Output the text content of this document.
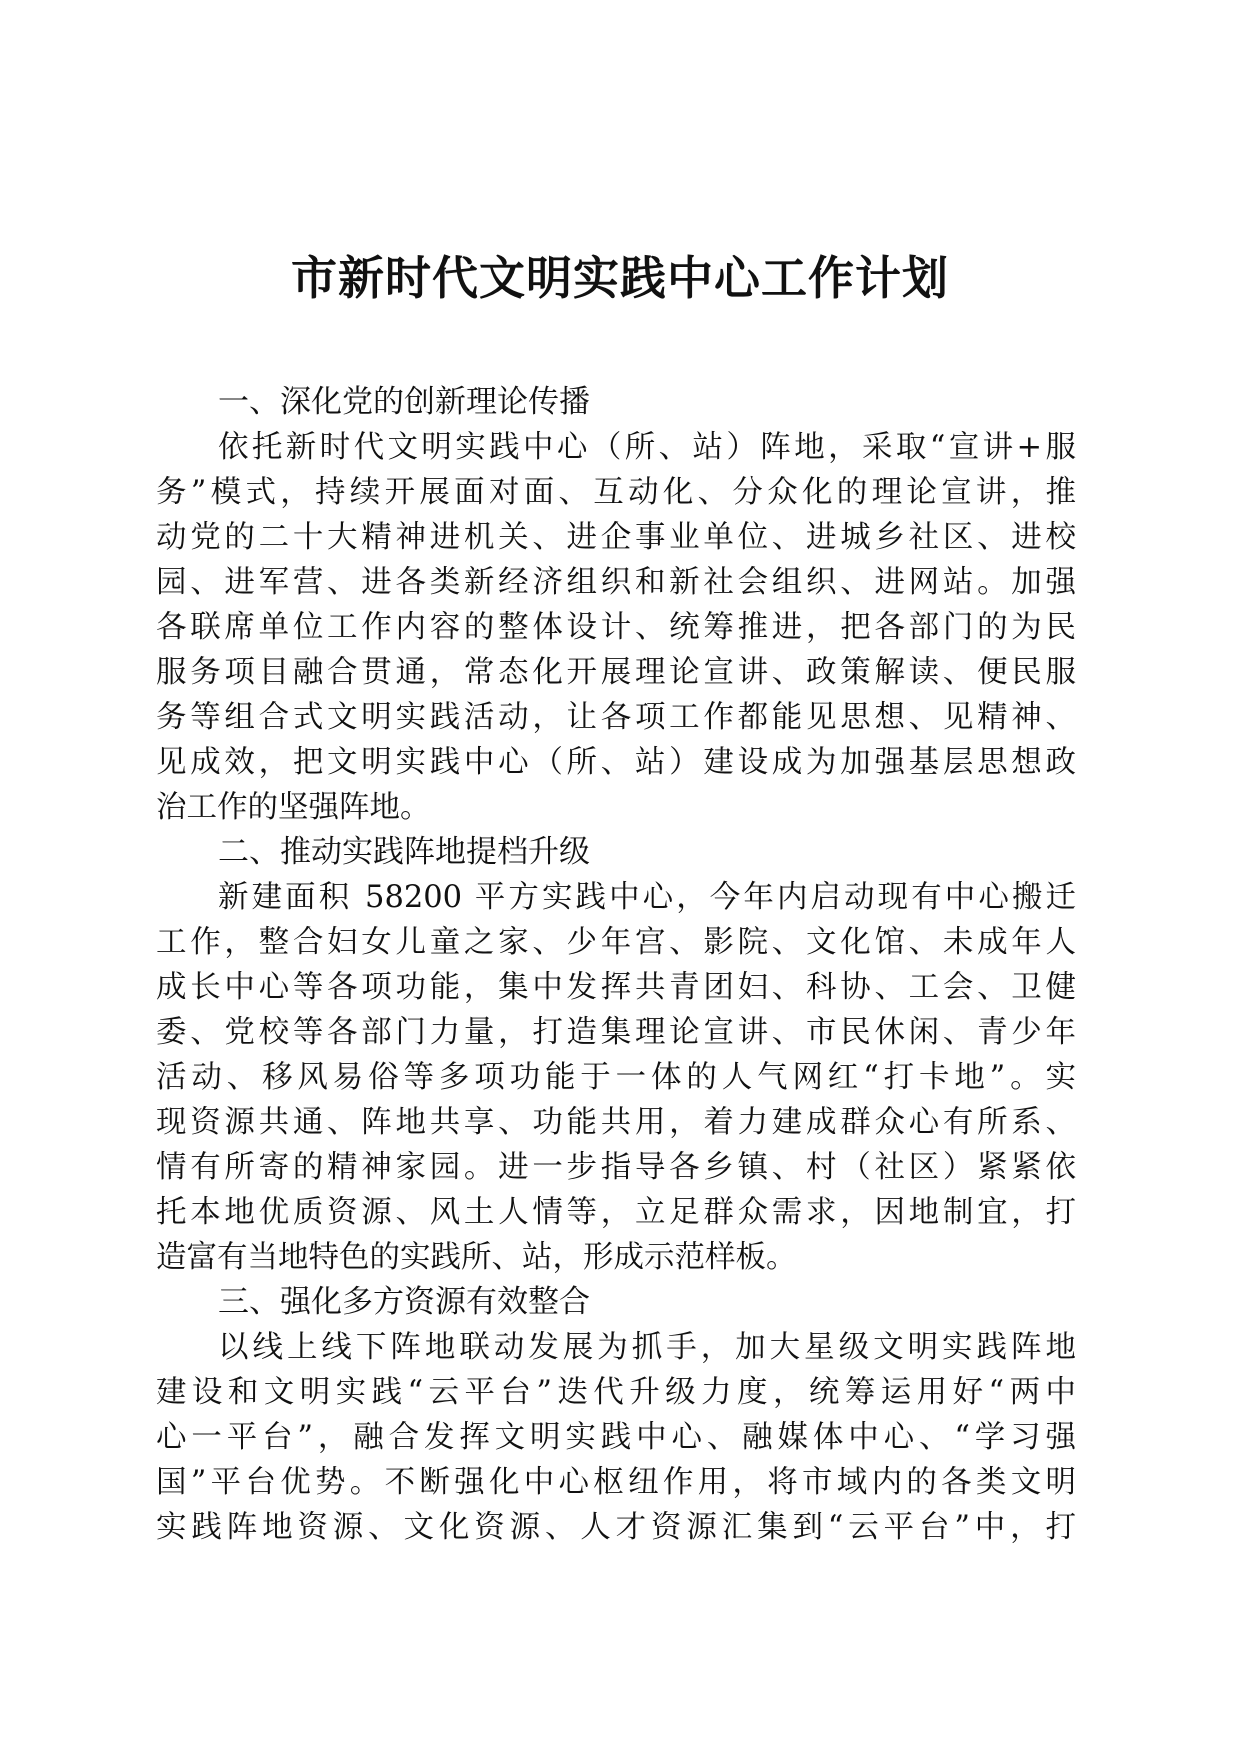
市新时代文明实践中心工作计划
一、深化党的创新理论传播

依托新时代文明实践中心（所、站）阵地，采取“宣讲+服
务”模式，持续开展面对面、互动化、分众化的理论宣讲，推
动党的二十大精神进机关、进企事业单位、进城乡社区、进校
园、进军营、进各类新经济组织和新社会组织、进网站。加强
各联席单位工作内容的整体设计、统筹推进，把各部门的为民
服务项目融合贯通，常态化开展理论宣讲、政策解读、便民服
务等组合式文明实践活动，让各项工作都能见思想、见精神、
见成效，把文明实践中心（所、站）建设成为加强基层思想政
治工作的坚强阵地。

二、推动实践阵地提档升级

新建面积 58200 平方实践中心，今年内启动现有中心搬迁
工作，整合妇女儿童之家、少年宫、影院、文化馆、未成年人
成长中心等各项功能，集中发挥共青团妇、科协、工会、卫健
委、党校等各部门力量，打造集理论宣讲、市民休闲、青少年
活动、移风易俗等多项功能于一体的人气网红“打卡地”。实
现资源共通、阵地共享、功能共用，着力建成群众心有所系、
情有所寄的精神家园。进一步指导各乡镇、村（社区）紧紧依
托本地优质资源、风土人情等，立足群众需求，因地制宜，打
造富有当地特色的实践所、站，形成示范样板。

三、强化多方资源有效整合

以线上线下阵地联动发展为抓手，加大星级文明实践阵地
建设和文明实践“云平台”迭代升级力度，统筹运用好“两中
心一平台”，融合发挥文明实践中心、融媒体中心、“学习强
国”平台优势。不断强化中心枢纽作用，将市域内的各类文明
实践阵地资源、文化资源、人才资源汇集到“云平台”中，打
